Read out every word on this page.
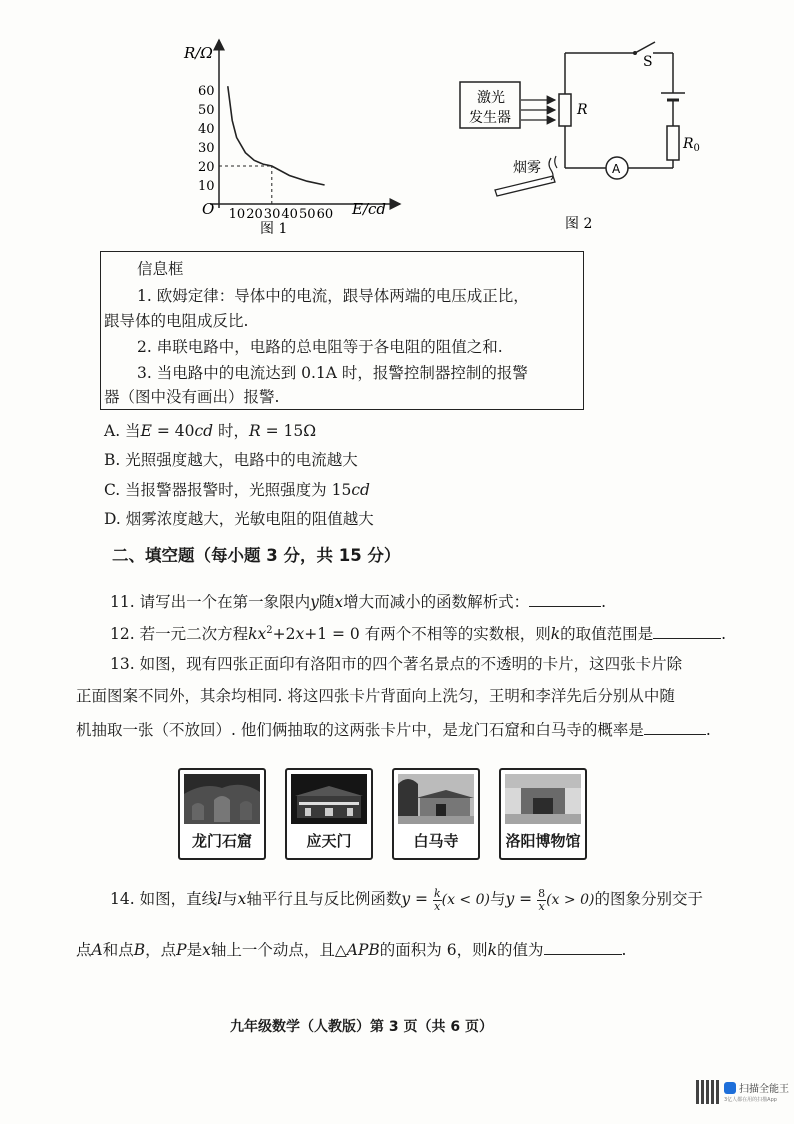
60
50
40
30
20
10
10 20 30 40 50 60
R/Ω
E/cd
O
图 1
激光
发生器	R
S
$R_0$
A
烟雾
图 2
信息框
1. 欧姆定律：导体中的电流，跟导体两端的电压成正比，
跟导体的电阻成反比.
2. 串联电路中，电路的总电阻等于各电阻的阻值之和.
3. 当电路中的电流达到 0.1A 时，报警控制器控制的报警
器（图中没有画出）报警.
A. 当E = 40cd 时，R = 15Ω
B. 光照强度越大，电路中的电流越大
C. 当报警器报警时，光照强度为 15cd
D. 烟雾浓度越大，光敏电阻的阻值越大
二、填空题（每小题 3 分，共 15 分）
11. 请写出一个在第一象限内y随x增大而减小的函数解析式：	.
12. 若一元二次方程$kx^2+2x+1 = 0$ 有两个不相等的实数根，则k的取值范围是	.
13. 如图，现有四张正面印有洛阳市的四个著名景点的不透明的卡片，这四张卡片除
正面图案不同外，其余均相同. 将这四张卡片背面向上洗匀，王明和李洋先后分别从中随
机抽取一张（不放回）. 他们俩抽取的这两张卡片中，是龙门石窟和白马寺的概率是	.
龙门石窟	应天门	白马寺	洛阳博物馆
14. 如图，直线l与x轴平行且与反比例函数$y = \frac{k}{x} (x < 0)$与$y = \frac{8}{x} (x > 0)$的图象分别交于
点A和点B，点P是x轴上一个动点，且△APB的面积为 6，则k的值为	.
九年级数学（人教版）第 3 页（共 6 页）
扫描全能王
3亿人都在用的扫描App
